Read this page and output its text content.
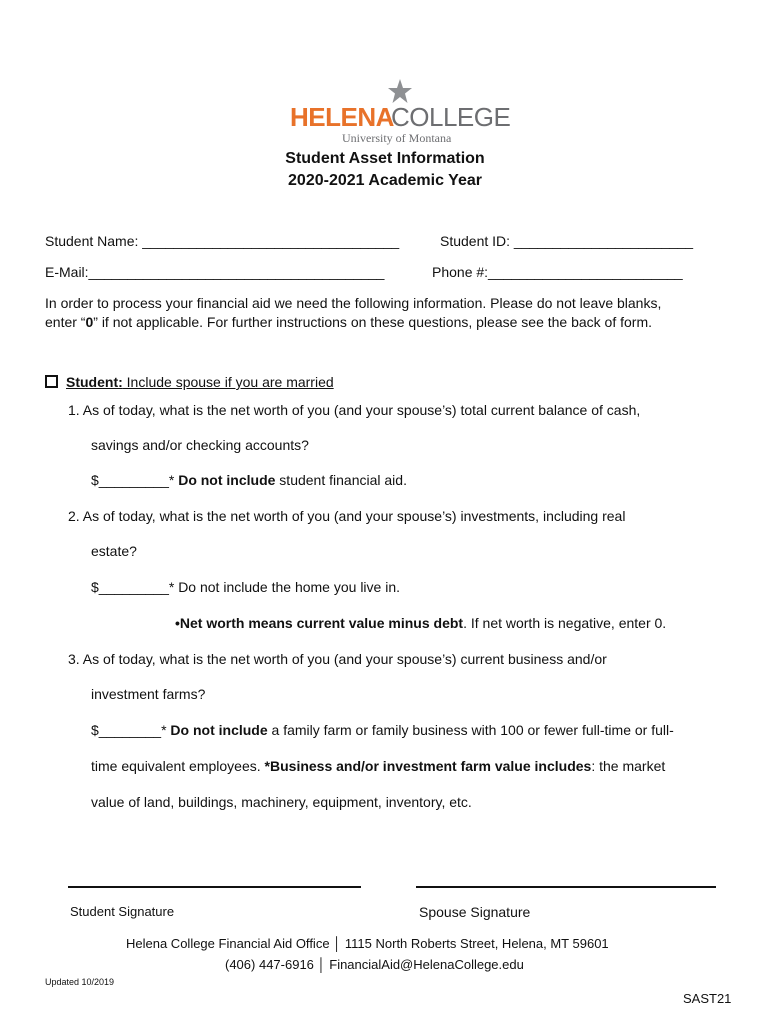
HELENA
COLLEGE
University of Montana
Student Asset Information
2020-2021 Academic Year
Student Name: _________________________________	Student ID: _______________________
E-Mail:______________________________________	Phone #:_________________________
In order to process your financial aid we need the following information. Please do not leave blanks,
enter “0” if not applicable. For further instructions on these questions, please see the back of form.
Student: Include spouse if you are married
1. As of today, what is the net worth of you (and your spouse’s) total current balance of cash,
savings and/or checking accounts?
$_________* Do not include student financial aid.
2. As of today, what is the net worth of you (and your spouse’s) investments, including real
estate?
$_________* Do not include the home you live in.
•Net worth means current value minus debt. If net worth is negative, enter 0.
3. As of today, what is the net worth of you (and your spouse’s) current business and/or
investment farms?
$________* Do not include a family farm or family business with 100 or fewer full-time or full-
time equivalent employees. *Business and/or investment farm value includes: the market
value of land, buildings, machinery, equipment, inventory, etc.
Student Signature	Spouse Signature
Helena College Financial Aid Office │ 1115 North Roberts Street, Helena, MT 59601
(406) 447-6916 │ FinancialAid@HelenaCollege.edu
Updated 10/2019
SAST21
